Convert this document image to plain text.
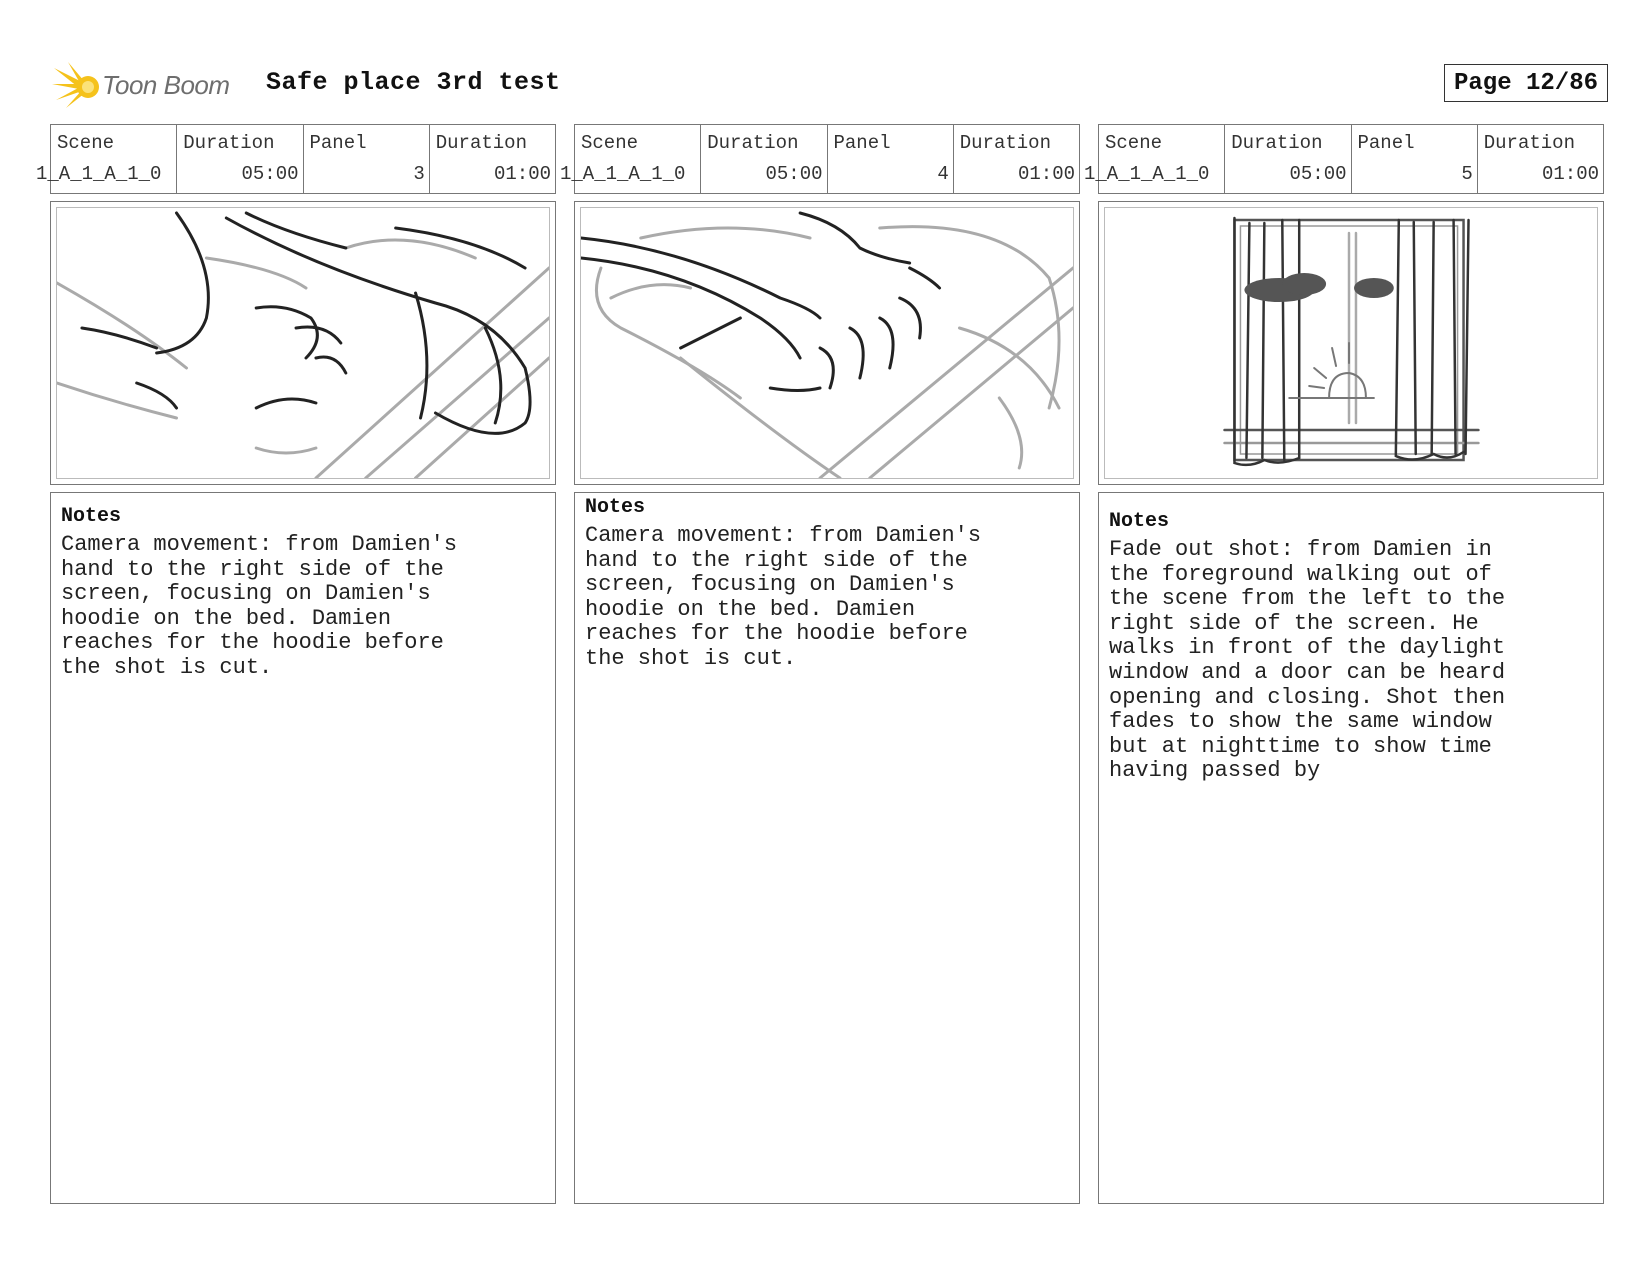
Toon Boom Safe place 3rd test	Page 12/86
Scene
1_A_1_A_1_0
Duration
05:00
Panel
3
Duration
01:00
Notes
Camera movement: from Damien's
hand to the right side of the
screen, focusing on Damien's
hoodie on the bed. Damien
reaches for the hoodie before
the shot is cut.
Scene
1_A_1_A_1_0
Duration
05:00
Panel
4
Duration
01:00
Notes
Camera movement: from Damien's
hand to the right side of the
screen, focusing on Damien's
hoodie on the bed. Damien
reaches for the hoodie before
the shot is cut.
Scene
1_A_1_A_1_0
Duration
05:00
Panel
5
Duration
01:00
Notes
Fade out shot: from Damien in
the foreground walking out of
the scene from the left to the
right side of the screen. He
walks in front of the daylight
window and a door can be heard
opening and closing. Shot then
fades to show the same window
but at nighttime to show time
having passed by
